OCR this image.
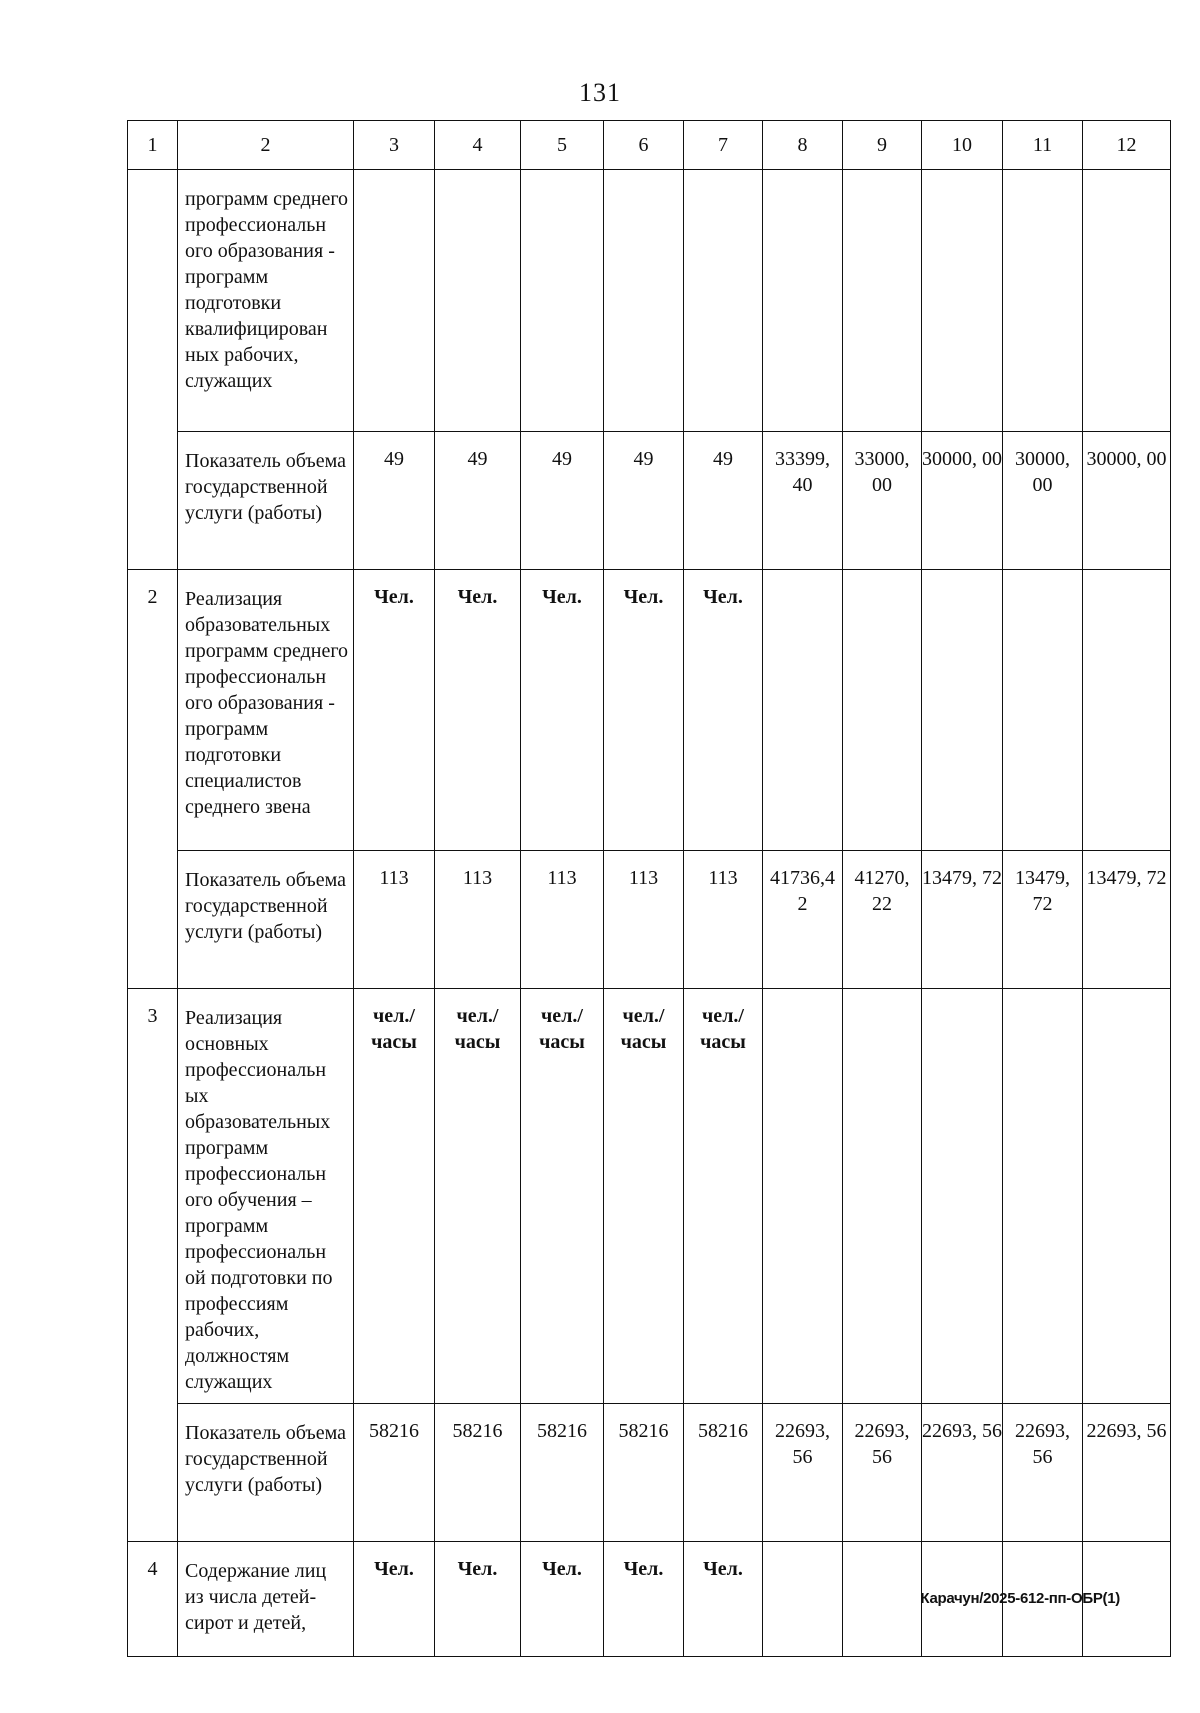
131
1	2	3	4	5	6	7	8	9	10	11	12
	программ среднего профессиональн ого образования - программ подготовки квалифицирован ных рабочих, служащих										
	Показатель объема государственной услуги (работы)	49	49	49	49	49	33399, 40	33000, 00	30000, 00	30000, 00	30000, 00
2	Реализация образовательных программ среднего профессиональн ого образования - программ подготовки специалистов среднего звена	Чел.	Чел.	Чел.	Чел.	Чел.					
	Показатель объема государственной услуги (работы)	113	113	113	113	113	41736,4 2	41270, 22	13479, 72	13479, 72	13479, 72
3	Реализация основных профессиональн ых образовательных программ профессиональн ого обучения – программ профессиональн ой подготовки по профессиям рабочих, должностям служащих	чел./ часы	чел./ часы	чел./ часы	чел./ часы	чел./ часы					
	Показатель объема государственной услуги (работы)	58216	58216	58216	58216	58216	22693, 56	22693, 56	22693, 56	22693, 56	22693, 56
4	Содержание лиц из числа детей-сирот и детей,	Чел.	Чел.	Чел.	Чел.	Чел.					
Карачун/2025-612-пп-ОБР(1)
